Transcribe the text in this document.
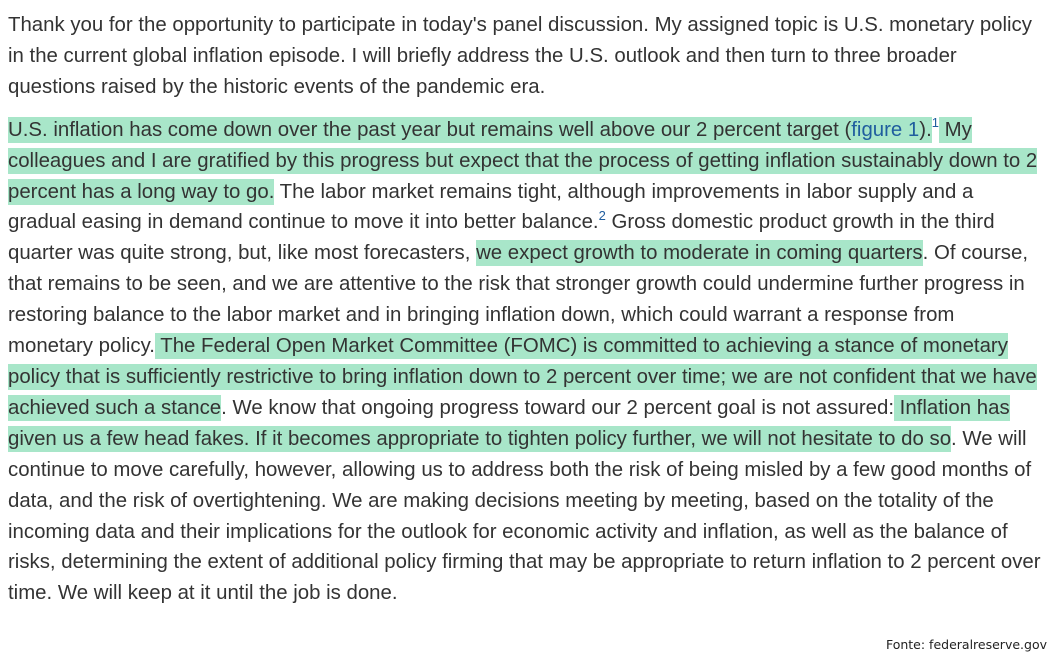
Thank you for the opportunity to participate in today's panel discussion. My assigned topic is U.S. monetary policy in the current global inflation episode. I will briefly address the U.S. outlook and then turn to three broader questions raised by the historic events of the pandemic era.

U.S. inflation has come down over the past year but remains well above our 2 percent target (figure 1).$^1$ My colleagues and I are gratified by this progress but expect that the process of getting inflation sustainably down to 2 percent has a long way to go. The labor market remains tight, although improvements in labor supply and a gradual easing in demand continue to move it into better balance.$^2$ Gross domestic product growth in the third quarter was quite strong, but, like most forecasters, we expect growth to moderate in coming quarters. Of course, that remains to be seen, and we are attentive to the risk that stronger growth could undermine further progress in restoring balance to the labor market and in bringing inflation down, which could warrant a response from monetary policy. The Federal Open Market Committee (FOMC) is committed to achieving a stance of monetary policy that is sufficiently restrictive to bring inflation down to 2 percent over time; we are not confident that we have achieved such a stance. We know that ongoing progress toward our 2 percent goal is not assured: Inflation has given us a few head fakes. If it becomes appropriate to tighten policy further, we will not hesitate to do so. We will continue to move carefully, however, allowing us to address both the risk of being misled by a few good months of data, and the risk of overtightening. We are making decisions meeting by meeting, based on the totality of the incoming data and their implications for the outlook for economic activity and inflation, as well as the balance of risks, determining the extent of additional policy firming that may be appropriate to return inflation to 2 percent over time. We will keep at it until the job is done.

Fonte: federalreserve.gov
